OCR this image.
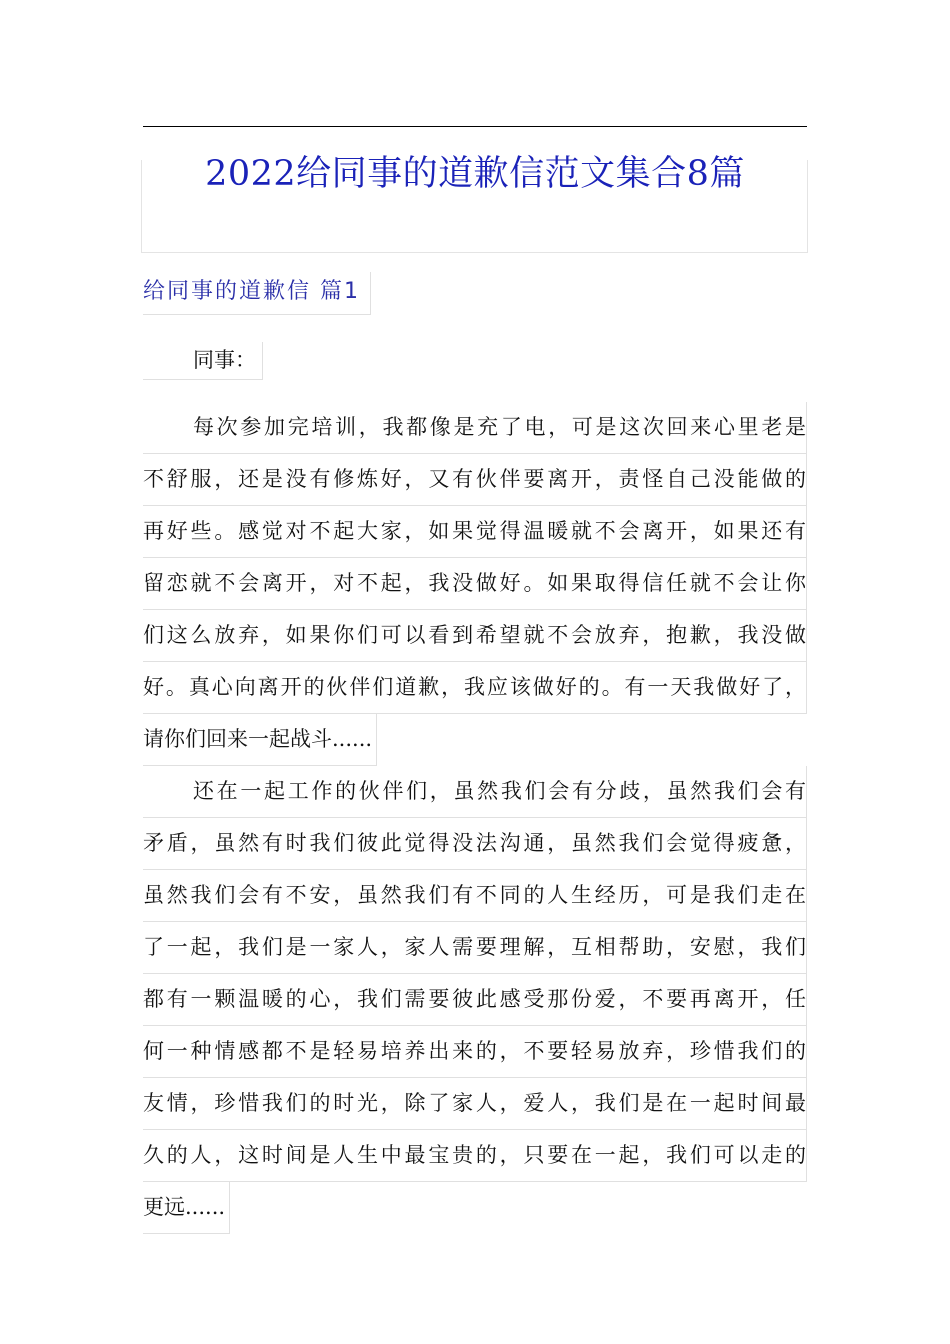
2022给同事的道歉信范文集合8篇
给同事的道歉信 篇1
同事：
每次参加完培训，我都像是充了电，可是这次回来心里老是
不舒服，还是没有修炼好，又有伙伴要离开，责怪自己没能做的
再好些。感觉对不起大家，如果觉得温暖就不会离开，如果还有
留恋就不会离开，对不起，我没做好。如果取得信任就不会让你
们这么放弃，如果你们可以看到希望就不会放弃，抱歉，我没做
好。真心向离开的伙伴们道歉，我应该做好的。有一天我做好了，
请你们回来一起战斗......
还在一起工作的伙伴们，虽然我们会有分歧，虽然我们会有
矛盾，虽然有时我们彼此觉得没法沟通，虽然我们会觉得疲惫，
虽然我们会有不安，虽然我们有不同的人生经历，可是我们走在
了一起，我们是一家人，家人需要理解，互相帮助，安慰，我们
都有一颗温暖的心，我们需要彼此感受那份爱，不要再离开，任
何一种情感都不是轻易培养出来的，不要轻易放弃，珍惜我们的
友情，珍惜我们的时光，除了家人，爱人，我们是在一起时间最
久的人，这时间是人生中最宝贵的，只要在一起，我们可以走的
更远......
